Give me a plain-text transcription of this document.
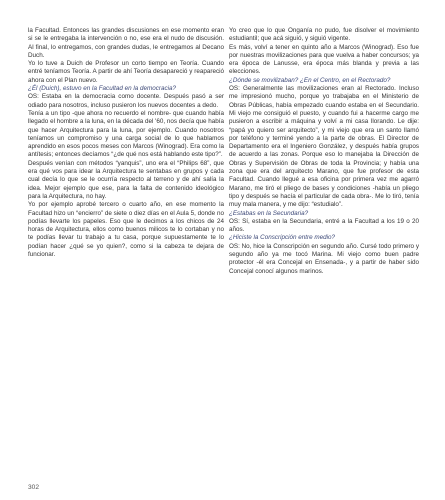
la Facultad. Entonces las grandes discusiones en ese momento eran si se le entregaba la intervención o no, ese era el nudo de discusión. Al final, lo entregamos, con grandes dudas, le entregamos al Decano Duch.

Yo lo tuve a Duich de Profesor un corto tiempo en Teoría. Cuando entré teníamos Teoría. A partir de ahí Teoría desapareció y reapareció ahora con el Plan nuevo.

¿Él (Duich), estuvo en la Facultad en la democracia?

OS: Estaba en la democracia como docente. Después pasó a ser odiado para nosotros, incluso pusieron los nuevos docentes a dedo.

Tenía a un tipo -que ahora no recuerdo el nombre- que cuando había llegado el hombre a la luna, en la década del '60, nos decía que había que hacer Arquitectura para la luna, por ejemplo. Cuando nosotros teníamos un compromiso y una carga social de lo que hablamos aprendido en esos pocos meses con Marcos (Winograd). Era como la antítesis; entonces decíamos “¿de qué nos está hablando este tipo?”.

Después venían con métodos “yanquis”, uno era el “Philips 68”, que era qué vos para idear la Arquitectura te sentabas en grupos y cada cual decía lo que se le ocurría respecto al terreno y de ahí salía la idea. Mejor ejemplo que ese, para la falta de contenido ideológico para la Arquitectura, no hay.

Yo por ejemplo aprobé tercero o cuarto año, en ese momento la Facultad hizo un “encierro” de siete o diez días en el Aula 5, donde no podías llevarte los papeles. Eso que le decimos a los chicos de 24 horas de Arquitectura, ellos como buenos milicos te lo cortaban y no te podías llevar tu trabajo a tu casa, porque supuestamente te lo podían hacer ¿qué se yo quien?, como si la cabeza te dejara de funcionar.

Yo creo que lo que Onganía no pudo, fue disolver el movimiento estudiantil; que acá siguió, y siguió vigente.

Es más, volví a tener en quinto año a Marcos (Winograd). Eso fue por nuestras movilizaciones para que vuelva a haber concursos; ya era época de Lanusse, era época más blanda y previa a las elecciones.

¿Dónde se movilizaban? ¿En el Centro, en el Rectorado?

OS: Generalmente las movilizaciones eran al Rectorado. Incluso me impresionó mucho, porque yo trabajaba en el Ministerio de Obras Públicas, había empezado cuando estaba en el Secundario. Mi viejo me consiguió el puesto, y cuando fui a hacerme cargo me pusieron a escribir a máquina y volví a mi casa llorando. Le dije: “papá yo quiero ser arquitecto”, y mi viejo que era un santo llamó por teléfono y terminé yendo a la parte de obras. El Director de Departamento era el Ingeniero González, y después había grupos de acuerdo a las zonas. Porque eso lo manejaba la Dirección de Obras y Supervisión de Obras de toda la Provincia; y había una zona que era del arquitecto Marano, que fue profesor de esta Facultad. Cuando llegué a esa oficina por primera vez me agarró Marano, me tiró el pliego de bases y condiciones -había un pliego tipo y después se hacía el particular de cada obra-. Me lo tiró, tenía muy mala manera, y me dijo: “estudialo”.

¿Estabas en la Secundaria?

OS: Sí, estaba en la Secundaria, entré a la Facultad a los 19 o 20 años.

¿Hiciste la Conscripción entre medio?

OS: No, hice la Conscripción en segundo año. Cursé todo primero y segundo año ya me tocó Marina. Mi viejo como buen padre protector -él era Concejal en Ensenada-, y a partir de haber sido Concejal conocí algunos marinos.

302
